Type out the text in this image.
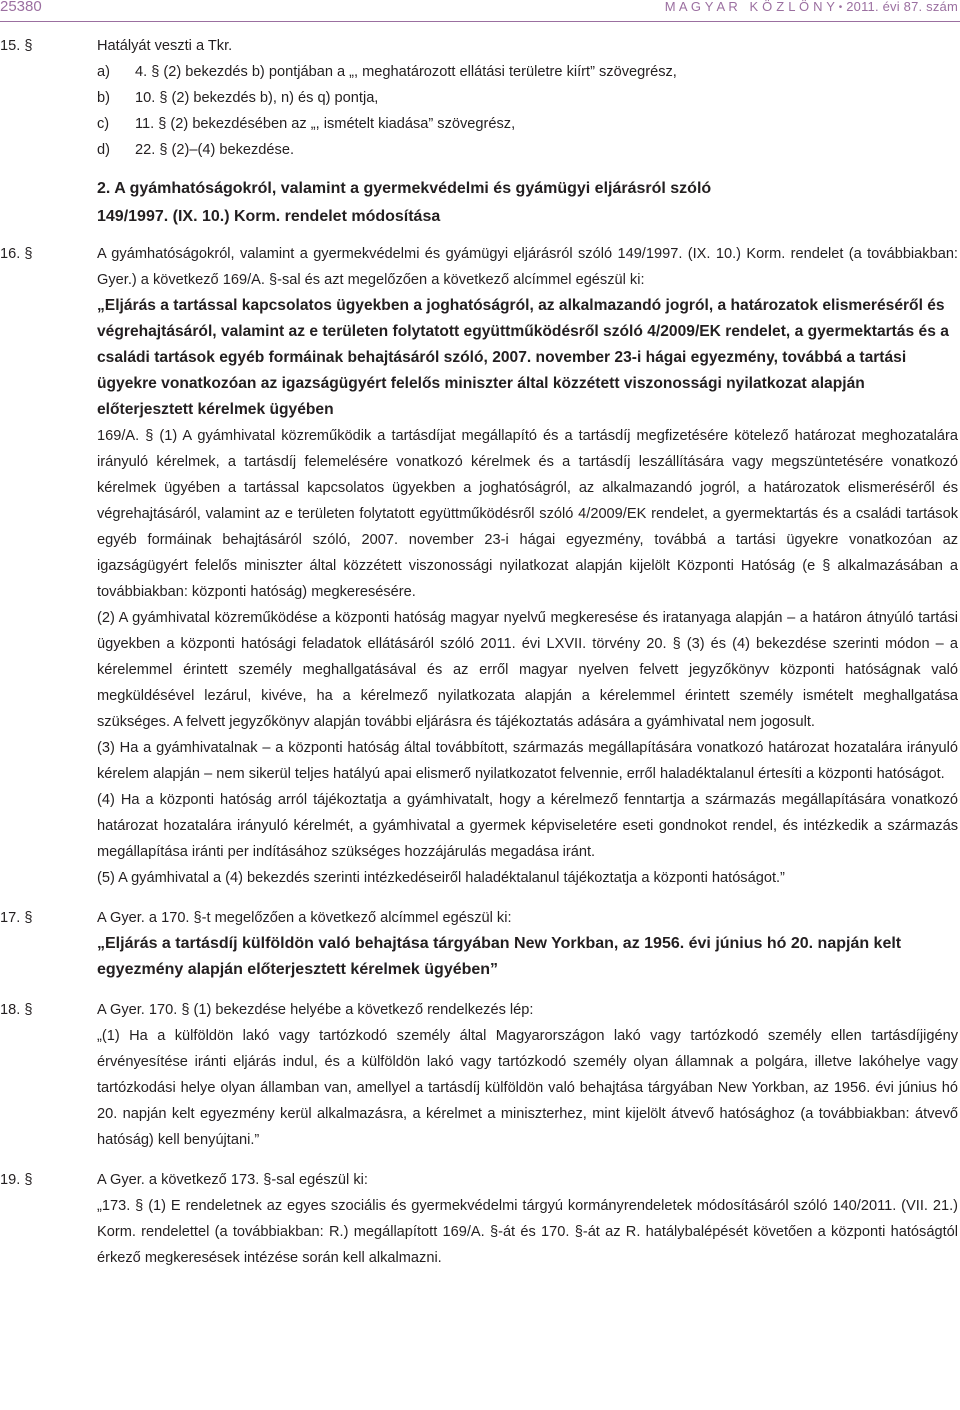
25380	M A G Y A R   K Ö Z L Ö N Y • 2011. évi 87. szám
15. §	Hatályát veszti a Tkr.
a) 4. § (2) bekezdés b) pontjában a „, meghatározott ellátási területre kiírt” szövegrész,
b) 10. § (2) bekezdés b), n) és q) pontja,
c) 11. § (2) bekezdésében az „, ismételt kiadása” szövegrész,
d) 22. § (2)–(4) bekezdése.
2. A gyámhatóságokról, valamint a gyermekvédelmi és gyámügyi eljárásról szóló
149/1997. (IX. 10.) Korm. rendelet módosítása
16. §	A gyámhatóságokról, valamint a gyermekvédelmi és gyámügyi eljárásról szóló 149/1997. (IX. 10.) Korm. rendelet (a továbbiakban: Gyer.) a következő 169/A. §-sal és azt megelőzően a következő alcímmel egészül ki:
„Eljárás a tartással kapcsolatos ügyekben a joghatóságról, az alkalmazandó jogról, a határozatok elismeréséről és végrehajtásáról, valamint az e területen folytatott együttműködésről szóló 4/2009/EK rendelet, a gyermektartás és a családi tartások egyéb formáinak behajtásáról szóló, 2007. november 23-i hágai egyezmény, továbbá a tartási ügyekre vonatkozóan az igazságügyért felelős miniszter által közzétett viszonossági nyilatkozat alapján előterjesztett kérelmek ügyében
169/A. § (1) A gyámhivatal közreműködik a tartásdíjat megállapító és a tartásdíj megfizetésére kötelező határozat meghozatalára irányuló kérelmek, a tartásdíj felemelésére vonatkozó kérelmek és a tartásdíj leszállítására vagy megszüntetésére vonatkozó kérelmek ügyében a tartással kapcsolatos ügyekben a joghatóságról, az alkalmazandó jogról, a határozatok elismeréséről és végrehajtásáról, valamint az e területen folytatott együttműködésről szóló 4/2009/EK rendelet, a gyermektartás és a családi tartások egyéb formáinak behajtásáról szóló, 2007. november 23-i hágai egyezmény, továbbá a tartási ügyekre vonatkozóan az igazságügyért felelős miniszter által közzétett viszonossági nyilatkozat alapján kijelölt Központi Hatóság (e § alkalmazásában a továbbiakban: központi hatóság) megkeresésére.
(2) A gyámhivatal közreműködése a központi hatóság magyar nyelvű megkeresése és iratanyaga alapján – a határon átnyúló tartási ügyekben a központi hatósági feladatok ellátásáról szóló 2011. évi LXVII. törvény 20. § (3) és (4) bekezdése szerinti módon – a kérelemmel érintett személy meghallgatásával és az erről magyar nyelven felvett jegyzőkönyv központi hatóságnak való megküldésével lezárul, kivéve, ha a kérelmező nyilatkozata alapján a kérelemmel érintett személy ismételt meghallgatása szükséges. A felvett jegyzőkönyv alapján további eljárásra és tájékoztatás adására a gyámhivatal nem jogosult.
(3) Ha a gyámhivatalnak – a központi hatóság által továbbított, származás megállapítására vonatkozó határozat hozatalára irányuló kérelem alapján – nem sikerül teljes hatályú apai elismerő nyilatkozatot felvennie, erről haladéktalanul értesíti a központi hatóságot.
(4) Ha a központi hatóság arról tájékoztatja a gyámhivatalt, hogy a kérelmező fenntartja a származás megállapítására vonatkozó határozat hozatalára irányuló kérelmét, a gyámhivatal a gyermek képviseletére eseti gondnokot rendel, és intézkedik a származás megállapítása iránti per indításához szükséges hozzájárulás megadása iránt.
(5) A gyámhivatal a (4) bekezdés szerinti intézkedéseiről haladéktalanul tájékoztatja a központi hatóságot.”
17. §	A Gyer. a 170. §-t megelőzően a következő alcímmel egészül ki:
„Eljárás a tartásdíj külföldön való behajtása tárgyában New Yorkban, az 1956. évi június hó 20. napján kelt egyezmény alapján előterjesztett kérelmek ügyében”
18. §	A Gyer. 170. § (1) bekezdése helyébe a következő rendelkezés lép:
„(1) Ha a külföldön lakó vagy tartózkodó személy által Magyarországon lakó vagy tartózkodó személy ellen tartásdíjigény érvényesítése iránti eljárás indul, és a külföldön lakó vagy tartózkodó személy olyan államnak a polgára, illetve lakóhelye vagy tartózkodási helye olyan államban van, amellyel a tartásdíj külföldön való behajtása tárgyában New Yorkban, az 1956. évi június hó 20. napján kelt egyezmény kerül alkalmazásra, a kérelmet a miniszterhez, mint kijelölt átvevő hatósághoz (a továbbiakban: átvevő hatóság) kell benyújtani.”
19. §	A Gyer. a következő 173. §-sal egészül ki:
„173. § (1) E rendeletnek az egyes szociális és gyermekvédelmi tárgyú kormányrendeletek módosításáról szóló 140/2011. (VII. 21.) Korm. rendelettel (a továbbiakban: R.) megállapított 169/A. §-át és 170. §-át az R. hatálybalépését követően a központi hatóságtól érkező megkeresések intézése során kell alkalmazni.
